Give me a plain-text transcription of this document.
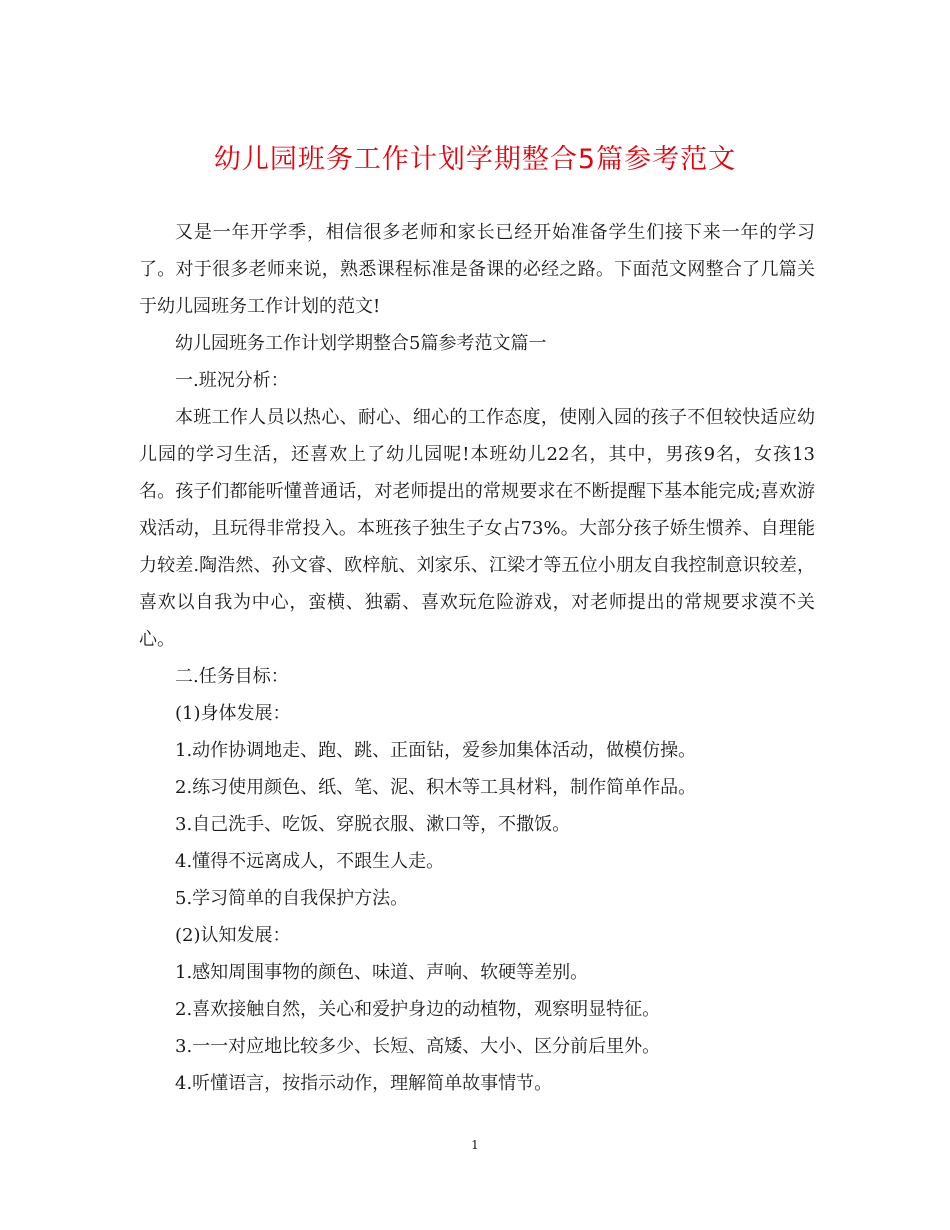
幼儿园班务工作计划学期整合5篇参考范文

又是一年开学季，相信很多老师和家长已经开始准备学生们接下来一年的学习了。对于很多老师来说，熟悉课程标准是备课的必经之路。下面范文网整合了几篇关于幼儿园班务工作计划的范文!

幼儿园班务工作计划学期整合5篇参考范文篇一

一.班况分析：

本班工作人员以热心、耐心、细心的工作态度，使刚入园的孩子不但较快适应幼儿园的学习生活，还喜欢上了幼儿园呢!本班幼儿22名，其中，男孩9名，女孩13名。孩子们都能听懂普通话，对老师提出的常规要求在不断提醒下基本能完成;喜欢游戏活动，且玩得非常投入。本班孩子独生子女占73%。大部分孩子娇生惯养、自理能力较差.陶浩然、孙文睿、欧梓航、刘家乐、江梁才等五位小朋友自我控制意识较差，喜欢以自我为中心，蛮横、独霸、喜欢玩危险游戏，对老师提出的常规要求漠不关心。

二.任务目标：

(1)身体发展：

1.动作协调地走、跑、跳、正面钻，爱参加集体活动，做模仿操。

2.练习使用颜色、纸、笔、泥、积木等工具材料，制作简单作品。

3.自己洗手、吃饭、穿脱衣服、漱口等，不撒饭。

4.懂得不远离成人，不跟生人走。

5.学习简单的自我保护方法。

(2)认知发展：

1.感知周围事物的颜色、味道、声响、软硬等差别。

2.喜欢接触自然，关心和爱护身边的动植物，观察明显特征。

3.一一对应地比较多少、长短、高矮、大小、区分前后里外。

4.听懂语言，按指示动作，理解简单故事情节。

1
